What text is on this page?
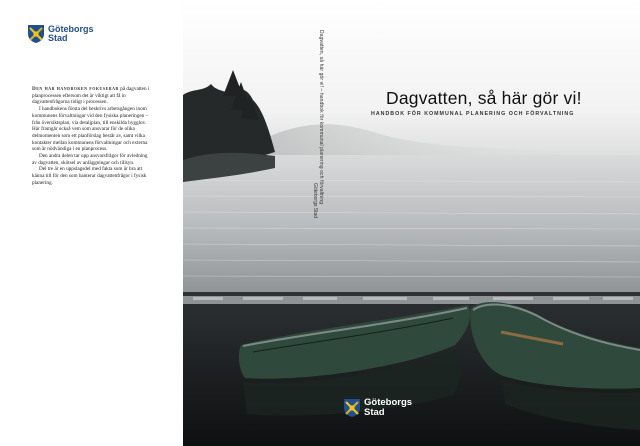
Göteborgs
Stad

Den här handboken fokuserar på dagvatten i planprocessen eftersom det är viktigt att få in dagvattenfrågorna tidigt i processen.

I handbokens första del beskrivs arbetsgången inom kommunens förvaltningar vid den fysiska planeringen – från översiktsplan, via detaljplan, till enskilda bygglov. Här framgår också vem som ansvarar för de olika delmomenten som ett planförslag består av, samt vilka kontakter mellan kommunens förvaltningar och externa som är nödvändiga i en planprocess.

Den andra delen tar upp ansvarsfrågor för avledning av dagvatten, skötsel av anläggningar och tillsyn.

Del tre är en uppslagsdel med fakta som är bra att känna till för den som hanterar dagvattenfrågor i fysisk planering.	Dagvatten, så här gör vi! – handbok för kommunal planering och förvaltning
Göteborgs Stad
Dagvatten, så här gör vi!
HANDBOK FÖR KOMMUNAL PLANERING OCH FÖRVALTNING
Göteborgs
Stad
